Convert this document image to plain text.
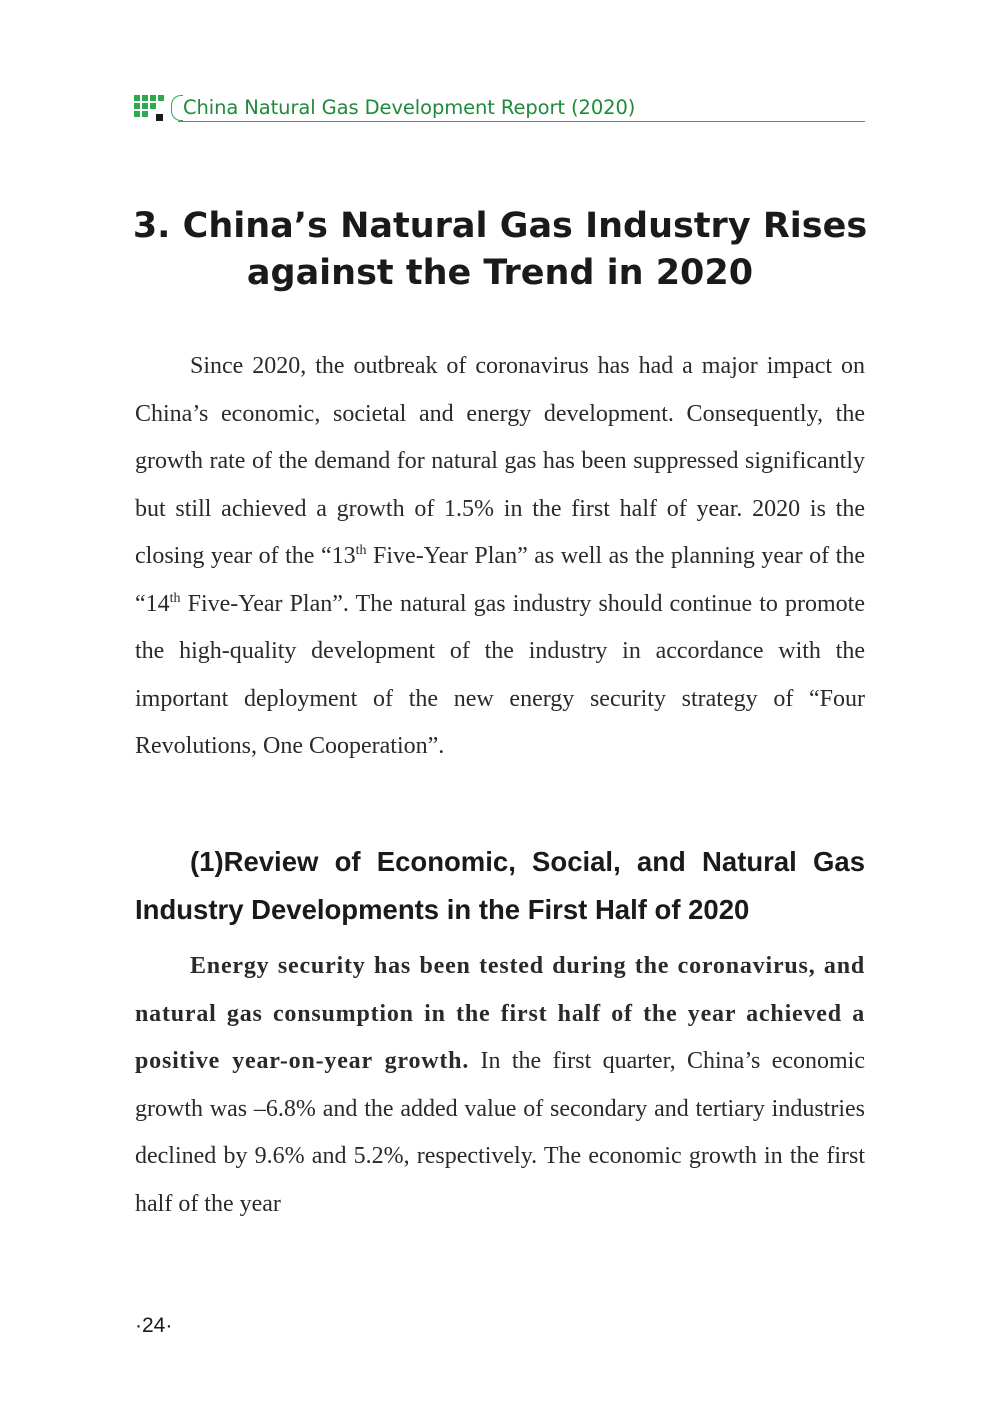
China Natural Gas Development Report (2020)
3. China’s Natural Gas Industry Rises
against the Trend in 2020

Since 2020, the outbreak of coronavirus has had a major impact on China’s economic, societal and energy development. Consequently, the growth rate of the demand for natural gas has been suppressed significantly but still achieved a growth of 1.5% in the first half of year. 2020 is the closing year of the “13th Five-Year Plan” as well as the planning year of the “14th Five-Year Plan”. The natural gas industry should continue to promote the high-quality development of the industry in accordance with the important deployment of the new energy security strategy of “Four Revolutions, One Cooperation”.

(1)Review of Economic, Social, and Natural Gas Industry Developments in the First Half of 2020

Energy security has been tested during the coronavirus, and natural gas consumption in the first half of the year achieved a positive year-on-year growth. In the first quarter, China’s economic growth was –6.8% and the added value of secondary and tertiary industries declined by 9.6% and 5.2%, respectively. The economic growth in the first half of the year

·24·
